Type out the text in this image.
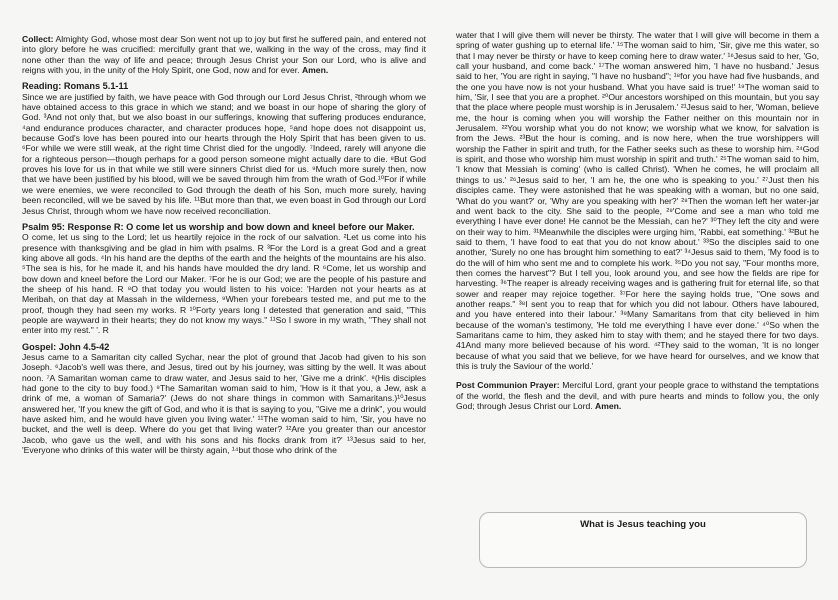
Collect: Almighty God, whose most dear Son went not up to joy but first he suffered pain, and entered not into glory before he was crucified: mercifully grant that we, walking in the way of the cross, may find it none other than the way of life and peace; through Jesus Christ your Son our Lord, who is alive and reigns with you, in the unity of the Holy Spirit, one God, now and for ever. Amen.

Reading: Romans 5.1-11

Since we are justified by faith, we have peace with God through our Lord Jesus Christ, ²through whom we have obtained access to this grace in which we stand; and we boast in our hope of sharing the glory of God. ³And not only that, but we also boast in our sufferings, knowing that suffering produces endurance, ⁴and endurance produces character, and character produces hope, ⁵and hope does not disappoint us, because God's love has been poured into our hearts through the Holy Spirit that has been given to us. ⁶For while we were still weak, at the right time Christ died for the ungodly. ⁷Indeed, rarely will anyone die for a righteous person—though perhaps for a good person someone might actually dare to die. ⁸But God proves his love for us in that while we still were sinners Christ died for us. ⁹Much more surely then, now that we have been justified by his blood, will we be saved through him from the wrath of God.¹⁰For if while we were enemies, we were reconciled to God through the death of his Son, much more surely, having been reconciled, will we be saved by his life. ¹¹But more than that, we even boast in God through our Lord Jesus Christ, through whom we have now received reconciliation.

Psalm 95: Response R: O come let us worship and bow down and kneel before our Maker.

O come, let us sing to the Lord; let us heartily rejoice in the rock of our salvation. ²Let us come into his presence with thanksgiving and be glad in him with psalms. R ³For the Lord is a great God and a great king above all gods. ⁴In his hand are the depths of the earth and the heights of the mountains are his also. ⁵The sea is his, for he made it, and his hands have moulded the dry land. R ⁶Come, let us worship and bow down and kneel before the Lord our Maker. ⁷For he is our God; we are the people of his pasture and the sheep of his hand. R ⁸O that today you would listen to his voice: 'Harden not your hearts as at Meribah, on that day at Massah in the wilderness, ⁹When your forebears tested me, and put me to the proof, though they had seen my works. R ¹⁰Forty years long I detested that generation and said, "This people are wayward in their hearts; they do not know my ways." ¹¹So I swore in my wrath, "They shall not enter into my rest." '. R

Gospel: John 4.5-42

Jesus came to a Samaritan city called Sychar, near the plot of ground that Jacob had given to his son Joseph. ⁶Jacob's well was there, and Jesus, tired out by his journey, was sitting by the well. It was about noon. ⁷A Samaritan woman came to draw water, and Jesus said to her, 'Give me a drink'. ⁸(His disciples had gone to the city to buy food.) ⁹The Samaritan woman said to him, 'How is it that you, a Jew, ask a drink of me, a woman of Samaria?' (Jews do not share things in common with Samaritans.)¹⁰Jesus answered her, 'If you knew the gift of God, and who it is that is saying to you, "Give me a drink", you would have asked him, and he would have given you living water.' ¹¹The woman said to him, 'Sir, you have no bucket, and the well is deep. Where do you get that living water? ¹²Are you greater than our ancestor Jacob, who gave us the well, and with his sons and his flocks drank from it?' ¹³Jesus said to her, 'Everyone who drinks of this water will be thirsty again, ¹⁴but those who drink of the

water that I will give them will never be thirsty. The water that I will give will become in them a spring of water gushing up to eternal life.' ¹⁵The woman said to him, 'Sir, give me this water, so that I may never be thirsty or have to keep coming here to draw water.' ¹⁶Jesus said to her, 'Go, call your husband, and come back.' ¹⁷The woman answered him, 'I have no husband.' Jesus said to her, 'You are right in saying, "I have no husband"; ¹⁸for you have had five husbands, and the one you have now is not your husband. What you have said is true!' ¹⁹The woman said to him, 'Sir, I see that you are a prophet. ²⁰Our ancestors worshiped on this mountain, but you say that the place where people must worship is in Jerusalem.' ²¹Jesus said to her, 'Woman, believe me, the hour is coming when you will worship the Father neither on this mountain nor in Jerusalem. ²²You worship what you do not know; we worship what we know, for salvation is from the Jews. ²³But the hour is coming, and is now here, when the true worshippers will worship the Father in spirit and truth, for the Father seeks such as these to worship him. ²⁴God is spirit, and those who worship him must worship in spirit and truth.' ²⁵The woman said to him, 'I know that Messiah is coming' (who is called Christ). 'When he comes, he will proclaim all things to us.' ²⁶Jesus said to her, 'I am he, the one who is speaking to you.' ²⁷Just then his disciples came. They were astonished that he was speaking with a woman, but no one said, 'What do you want?' or, 'Why are you speaking with her?' ²⁸Then the woman left her water-jar and went back to the city. She said to the people, ²⁹'Come and see a man who told me everything I have ever done! He cannot be the Messiah, can he?' ³⁰They left the city and were on their way to him. ³¹Meanwhile the disciples were urging him, 'Rabbi, eat something.' ³²But he said to them, 'I have food to eat that you do not know about.' ³³So the disciples said to one another, 'Surely no one has brought him something to eat?' ³⁴Jesus said to them, 'My food is to do the will of him who sent me and to complete his work. ³⁵Do you not say, "Four months more, then comes the harvest"? But I tell you, look around you, and see how the fields are ripe for harvesting. ³⁶The reaper is already receiving wages and is gathering fruit for eternal life, so that sower and reaper may rejoice together. ³⁷For here the saying holds true, "One sows and another reaps." ³⁸I sent you to reap that for which you did not labour. Others have laboured, and you have entered into their labour.' ³⁹Many Samaritans from that city believed in him because of the woman's testimony, 'He told me everything I have ever done.' ⁴⁰So when the Samaritans came to him, they asked him to stay with them; and he stayed there for two days. 41And many more believed because of his word. ⁴²They said to the woman, 'It is no longer because of what you said that we believe, for we have heard for ourselves, and we know that this is truly the Saviour of the world.'

Post Communion Prayer: Merciful Lord, grant your people grace to withstand the temptations of the world, the flesh and the devil, and with pure hearts and minds to follow you, the only God; through Jesus Christ our Lord. Amen.

What is Jesus teaching you
